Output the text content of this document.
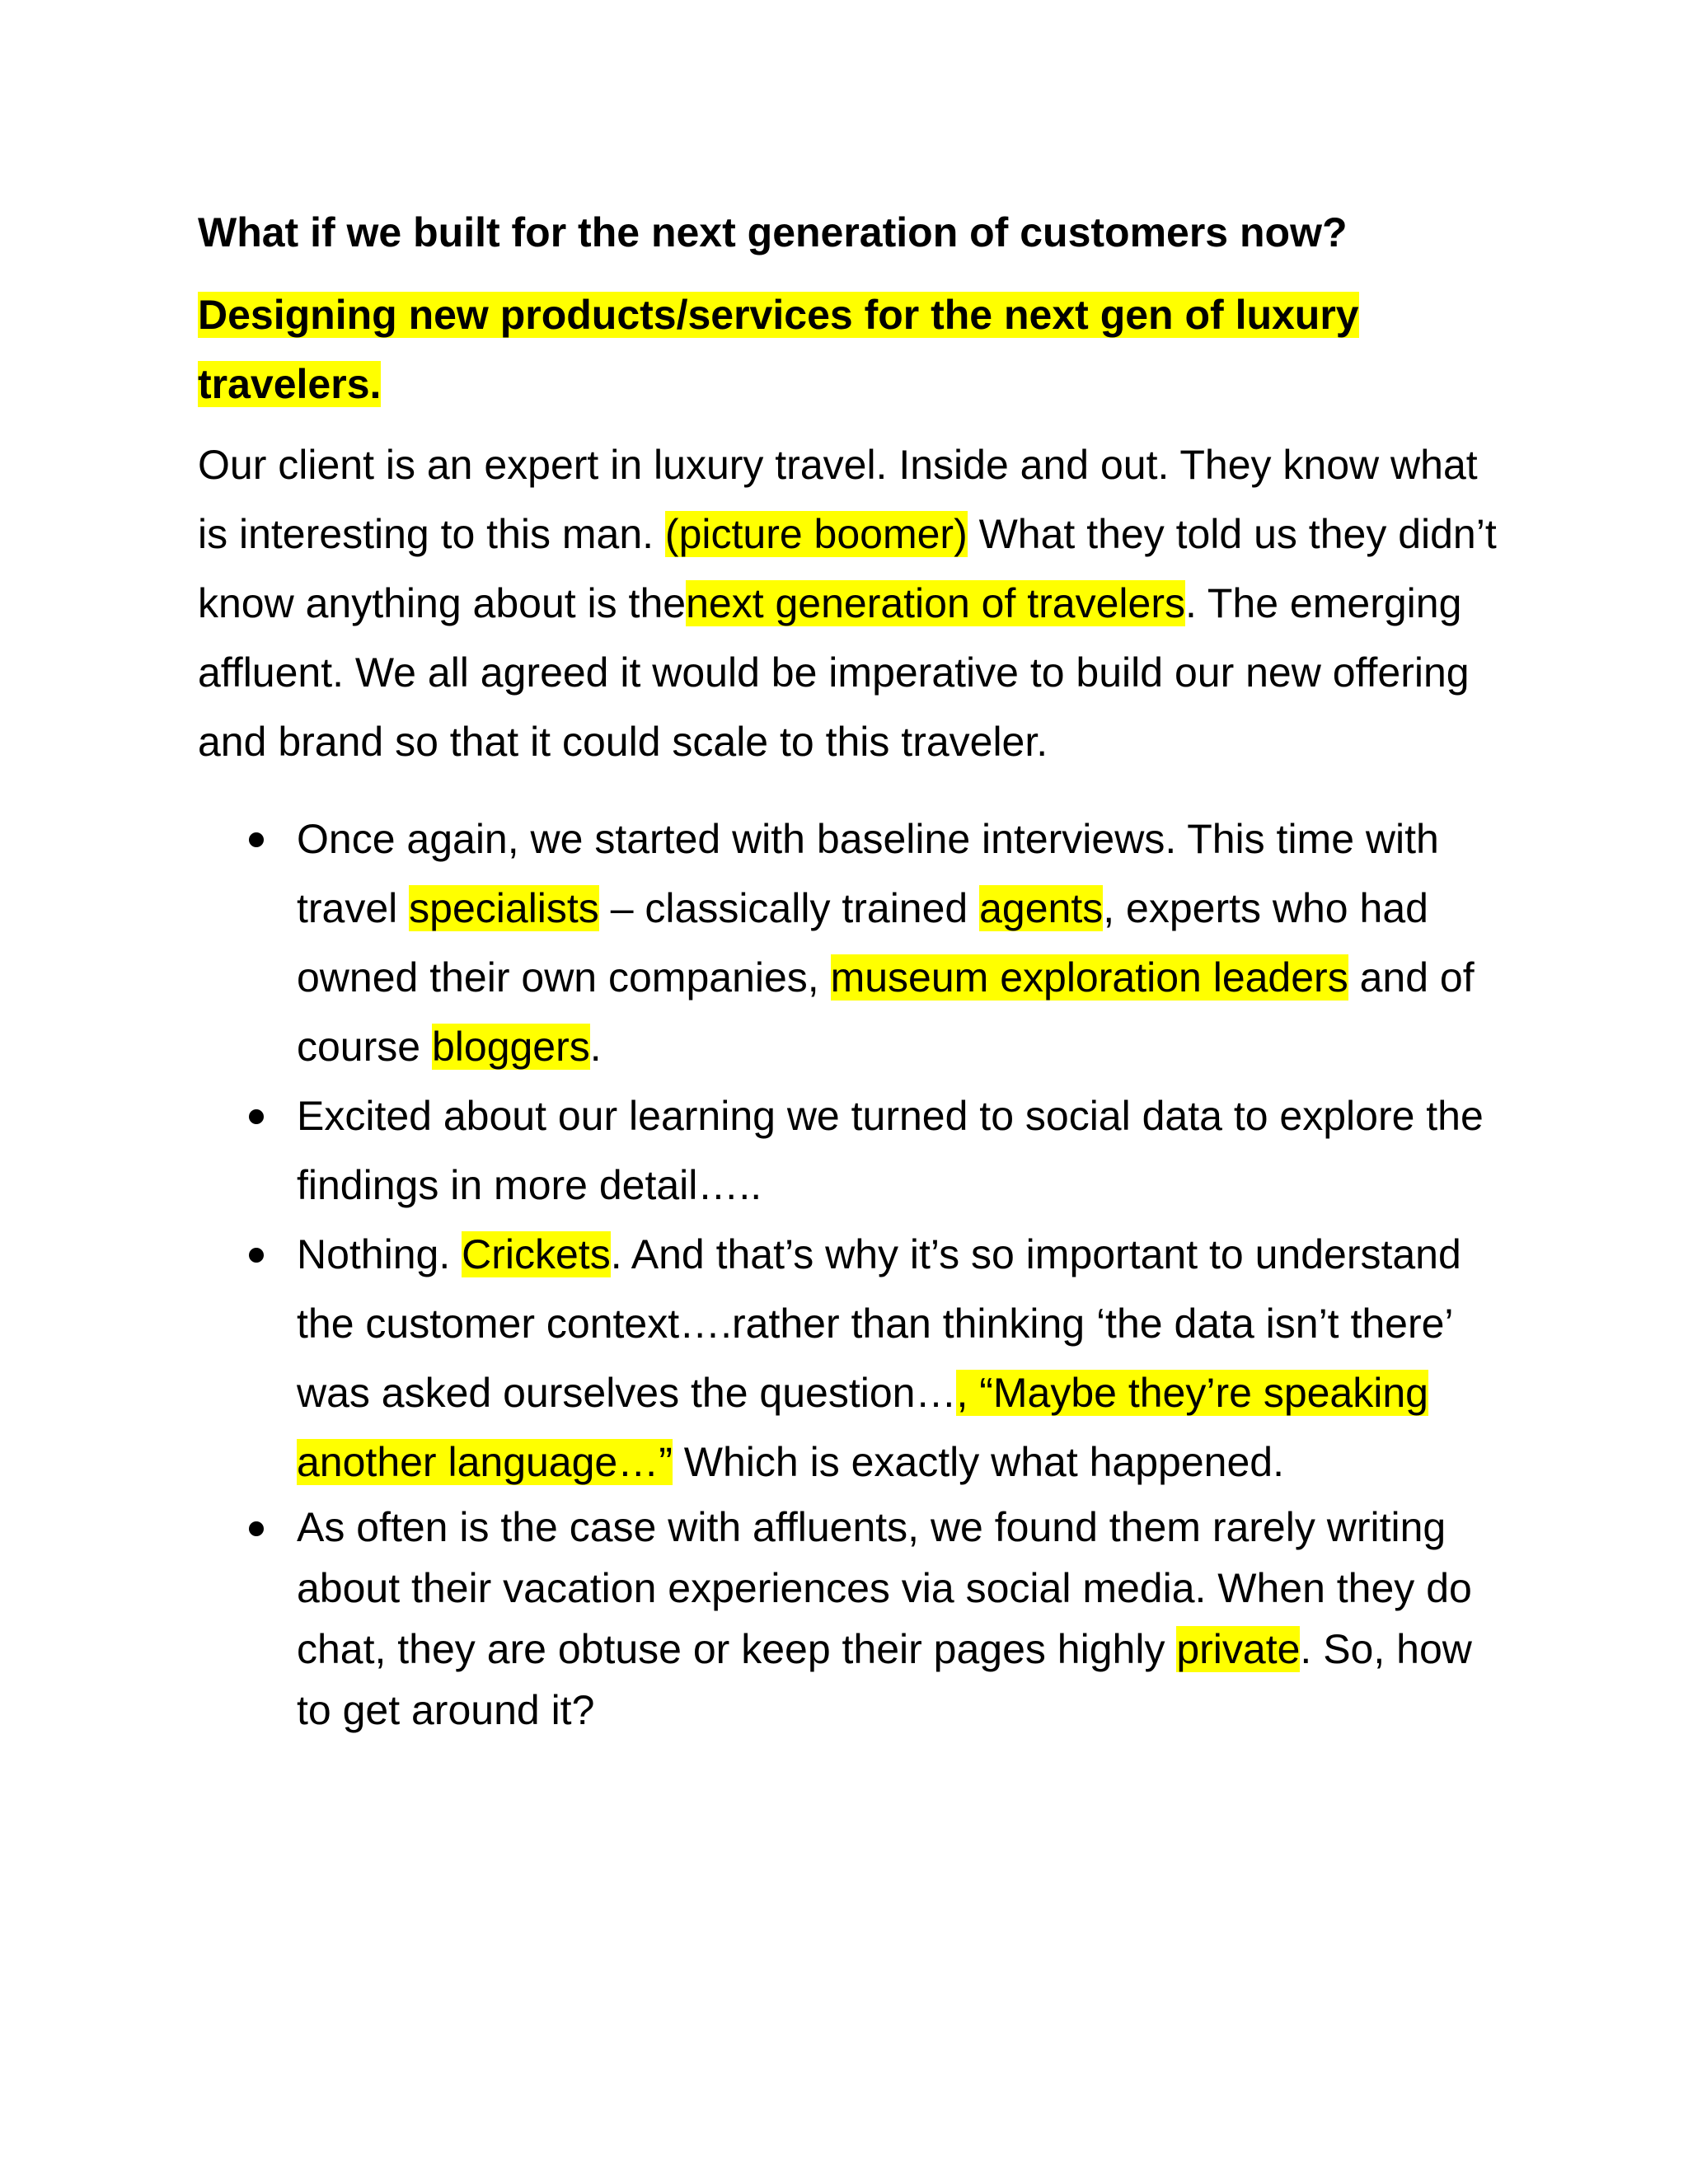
What if we built for the next generation of customers now?
Designing new products/services for the next gen of luxury travelers.

Our client is an expert in luxury travel. Inside and out. They know what is interesting to this man. (picture boomer) What they told us they didn’t know anything about is thenext generation of travelers. The emerging affluent. We all agreed it would be imperative to build our new offering and brand so that it could scale to this traveler.

Once again, we started with baseline interviews. This time with travel specialists – classically trained agents, experts who had owned their own companies, museum exploration leaders and of course bloggers.
Excited about our learning we turned to social data to explore the findings in more detail…..
Nothing. Crickets. And that’s why it’s so important to understand the customer context….rather than thinking ‘the data isn’t there’ was asked ourselves the question…, “Maybe they’re speaking another language…” Which is exactly what happened.
As often is the case with affluents, we found them rarely writing about their vacation experiences via social media. When they do chat, they are obtuse or keep their pages highly private. So, how to get around it?
